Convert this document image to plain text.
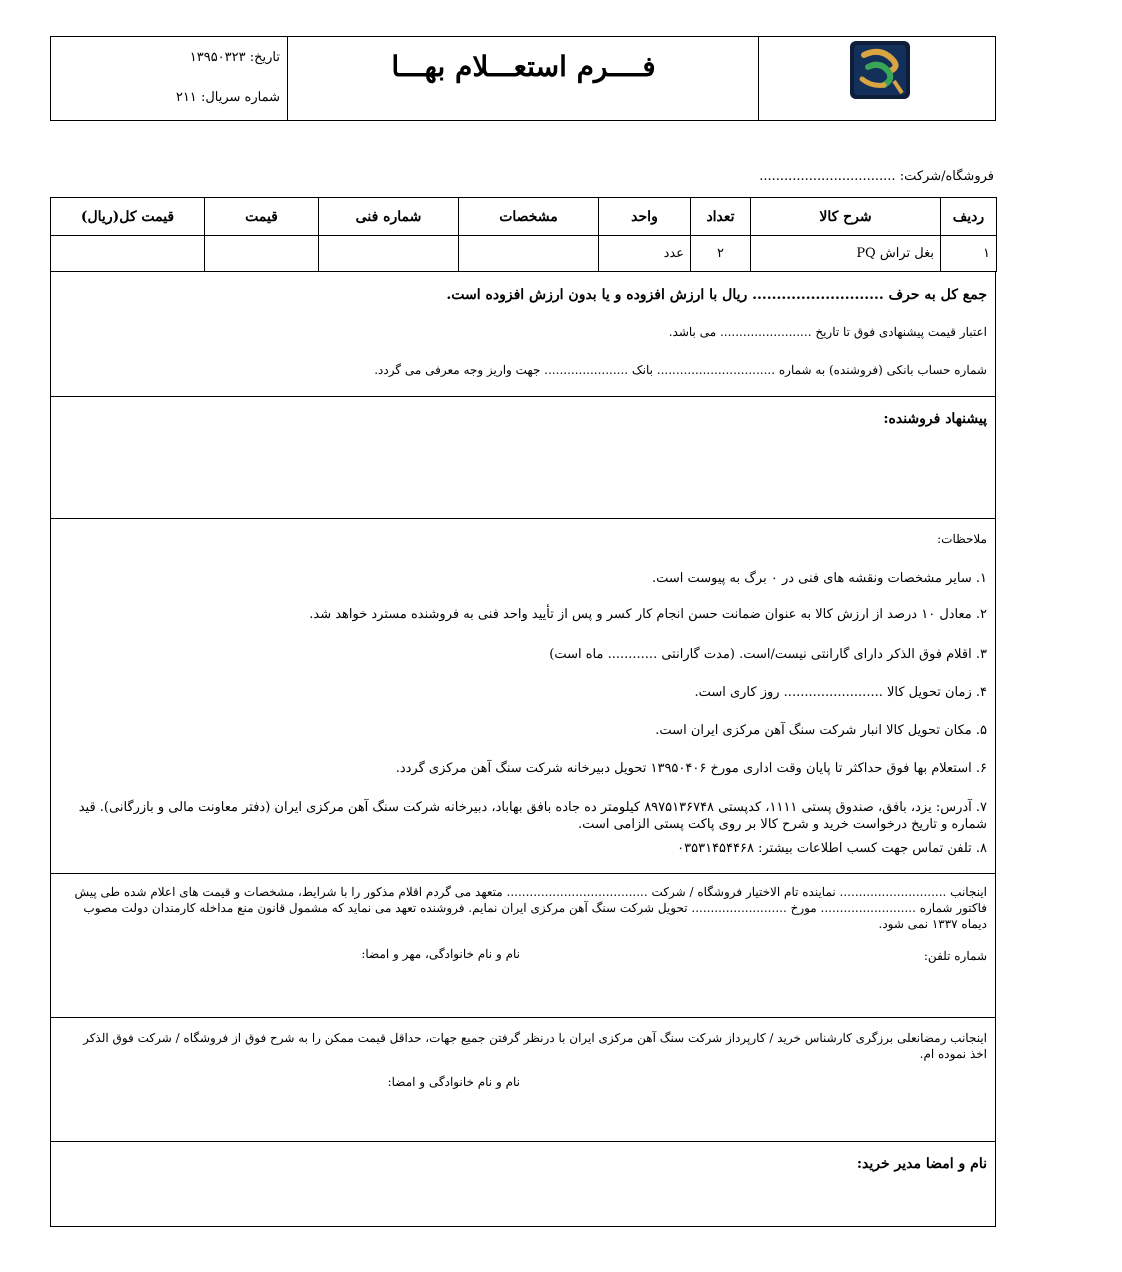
فــــرم استعـــلام بهـــا
تاریخ: ۱۳۹۵۰۳۲۳
شماره سریال: ۲۱۱
فروشگاه/شرکت: .................................
ردیف	شرح کالا	تعداد	واحد	مشخصات	شماره فنی	قیمت	قیمت کل(ریال)
۱	بغل تراش PQ	۲	عدد				
جمع کل به حرف ........................... ریال با ارزش افزوده و یا بدون ارزش افزوده است.
اعتبار قیمت پیشنهادی فوق تا تاریخ ........................ می باشد.
شماره حساب بانکی (فروشنده) به شماره ............................... بانک ...................... جهت واریز وجه معرفی می گردد.
پیشنهاد فروشنده:
ملاحظات:
۱. سایر مشخصات ونقشه های فنی در ۰ برگ به پیوست است.
۲. معادل ۱۰ درصد از ارزش کالا به عنوان ضمانت حسن انجام کار کسر و پس از تأیید واحد فنی به فروشنده مسترد خواهد شد.
۳. اقلام فوق الذکر دارای گارانتی نیست/است. (مدت گارانتی ............ ماه است)
۴. زمان تحویل کالا ........................ روز کاری است.
۵. مکان تحویل کالا انبار شرکت سنگ آهن مرکزی ایران است.
۶. استعلام بها فوق حداکثر تا پایان وقت اداری مورخ ۱۳۹۵۰۴۰۶ تحویل دبیرخانه شرکت سنگ آهن مرکزی گردد.
۷. آدرس: یزد، بافق، صندوق پستی ۱۱۱۱، کدپستی ۸۹۷۵۱۳۶۷۴۸ کیلومتر ده جاده بافق بهاباد، دبیرخانه شرکت سنگ آهن مرکزی ایران (دفتر معاونت مالی و بازرگانی). قید شماره و تاریخ درخواست خرید و شرح کالا بر روی پاکت پستی الزامی است.
۸. تلفن تماس جهت کسب اطلاعات بیشتر: ۰۳۵۳۱۴۵۴۴۶۸
اینجانب ............................ نماینده تام الاختیار فروشگاه / شرکت ..................................... متعهد می گردم اقلام مذکور را با شرایط، مشخصات و قیمت های اعلام شده طی پیش فاکتور شماره ......................... مورخ ......................... تحویل شرکت سنگ آهن مرکزی ایران نمایم. فروشنده تعهد می نماید که مشمول قانون منع مداخله کارمندان دولت مصوب دیماه ۱۳۳۷ نمی شود.
شماره تلفن:
نام و نام خانوادگی، مهر و امضا:
اینجانب رمضانعلی برزگری کارشناس خرید / کارپرداز شرکت سنگ آهن مرکزی ایران با درنظر گرفتن جمیع جهات، حداقل قیمت ممکن را به شرح فوق از فروشگاه / شرکت فوق الذکر اخذ نموده ام.
نام و نام خانوادگی و امضا:
نام و امضا مدیر خرید:
